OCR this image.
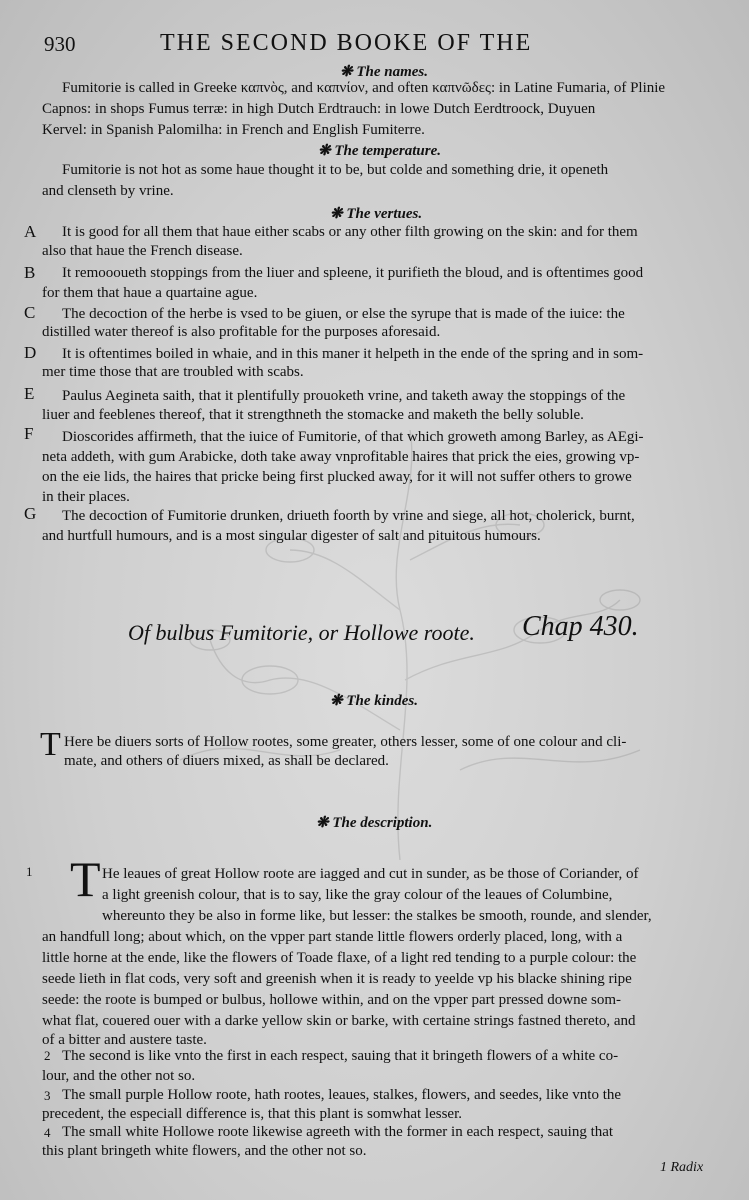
930	THE SECOND BOOKE OF THE
❋ The names.
Fumitorie is called in Greeke καπνὸς, and καπνίον, and often καπνῶδες: in Latine Fumaria, of Plinie
Capnos: in shops Fumus terræ: in high Dutch Erdtrauch: in lowe Dutch Eerdtroock, Duyuen
Kervel: in Spanish Palomilha: in French and English Fumiterre.
❋ The temperature.
Fumitorie is not hot as some haue thought it to be, but colde and something drie, it openeth
and clenseth by vrine.
❋ The vertues.
A It is good for all them that haue either scabs or any other filth growing on the skin: and for them
also that haue the French disease.
B It remoooueth stoppings from the liuer and spleene, it purifieth the bloud, and is oftentimes good
for them that haue a quartaine ague.
C The decoction of the herbe is vsed to be giuen, or else the syrupe that is made of the iuice: the
distilled water thereof is also profitable for the purposes aforesaid.
D It is oftentimes boiled in whaie, and in this maner it helpeth in the ende of the spring and in som-
mer time those that are troubled with scabs.
E Paulus Aegineta saith, that it plentifully prouoketh vrine, and taketh away the stoppings of the
liuer and feeblenes thereof, that it strengthneth the stomacke and maketh the belly soluble.
F Dioscorides affirmeth, that the iuice of Fumitorie, of that which groweth among Barley, as AEgi-
neta addeth, with gum Arabicke, doth take away vnprofitable haires that prick the eies, growing vp-
on the eie lids, the haires that pricke being first plucked away, for it will not suffer others to growe
in their places.
G The decoction of Fumitorie drunken, driueth foorth by vrine and siege, all hot, cholerick, burnt,
and hurtfull humours, and is a most singular digester of salt and pituitous humours.
Of bulbus Fumitorie, or Hollowe roote. Chap 430.
❋ The kindes.
T Here be diuers sorts of Hollow rootes, some greater, others lesser, some of one colour and cli-
mate, and others of diuers mixed, as shall be declared.
❋ The description.
1 T He leaues of great Hollow roote are iagged and cut in sunder, as be those of Coriander, of
a light greenish colour, that is to say, like the gray colour of the leaues of Columbine,
whereunto they be also in forme like, but lesser: the stalkes be smooth, rounde, and slender,
an handfull long; about which, on the vpper part stande little flowers orderly placed, long, with a
little horne at the ende, like the flowers of Toade flaxe, of a light red tending to a purple colour: the
seede lieth in flat cods, very soft and greenish when it is ready to yeelde vp his blacke shining ripe
seede: the roote is bumped or bulbus, hollowe within, and on the vpper part pressed downe som-
what flat, couered ouer with a darke yellow skin or barke, with certaine strings fastned thereto, and
of a bitter and austere taste.
2 The second is like vnto the first in each respect, sauing that it bringeth flowers of a white co-
lour, and the other not so.
3 The small purple Hollow roote, hath rootes, leaues, stalkes, flowers, and seedes, like vnto the
precedent, the especiall difference is, that this plant is somwhat lesser.
4 The small white Hollowe roote likewise agreeth with the former in each respect, sauing that
this plant bringeth white flowers, and the other not so.
1 Radix
